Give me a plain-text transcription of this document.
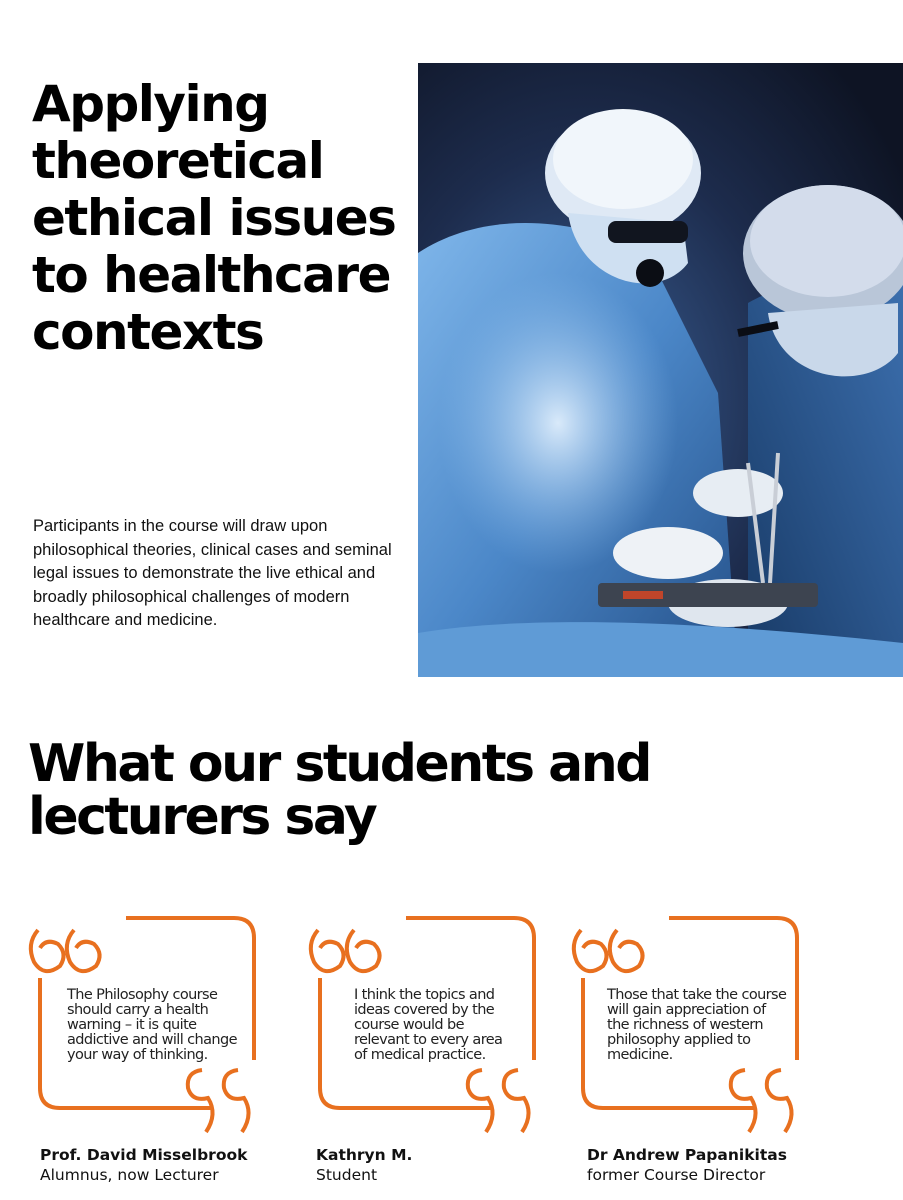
Applying theoretical ethical issues to healthcare contexts

Participants in the course will draw upon philosophical theories, clinical cases and seminal legal issues to demonstrate the live ethical and broadly philosophical challenges of modern healthcare and medicine.

What our students and lecturers say

The Philosophy course should carry a health warning – it is quite addictive and will change your way of thinking.

Prof. David Misselbrook

Alumnus, now Lecturer

I think the topics and ideas covered by the course would be relevant to every area of medical practice.

Kathryn M.

Student

Those that take the course will gain appreciation of the richness of western philosophy applied to medicine.

Dr Andrew Papanikitas

former Course Director
